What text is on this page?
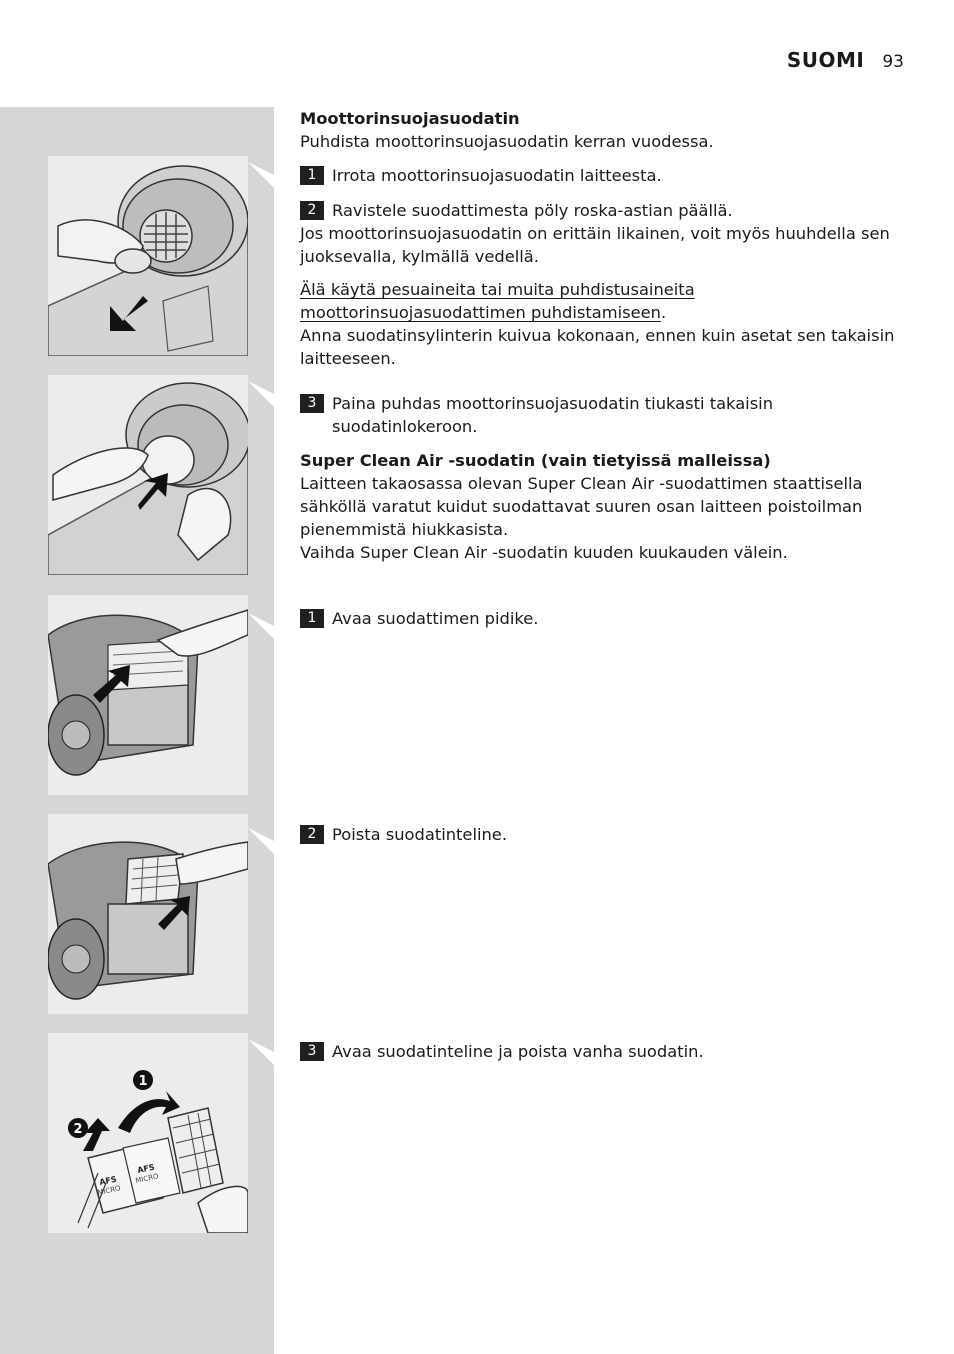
SUOMI 93
1
2
AFS
MICRO
AFS
MICRO

Moottorinsuojasuodatin

Puhdista moottorinsuojasuodatin kerran vuodessa.

1 Irrota moottorinsuojasuodatin laitteesta.
2 Ravistele suodattimesta pöly roska-astian päällä.

Jos moottorinsuojasuodatin on erittäin likainen, voit myös huuhdella sen juoksevalla, kylmällä vedellä.

Älä käytä pesuaineita tai muita puhdistusaineita

moottorinsuojasuodattimen puhdistamiseen.

Anna suodatinsylinterin kuivua kokonaan, ennen kuin asetat sen takaisin laitteeseen.

3 Paina puhdas moottorinsuojasuodatin tiukasti takaisin suodatinlokeroon.

Super Clean Air -suodatin (vain tietyissä malleissa)

Laitteen takaosassa olevan Super Clean Air -suodattimen staattisella sähköllä varatut kuidut suodattavat suuren osan laitteen poistoilman pienemmistä hiukkasista.

Vaihda Super Clean Air -suodatin kuuden kuukauden välein.

1 Avaa suodattimen pidike.
2 Poista suodatinteline.
3 Avaa suodatinteline ja poista vanha suodatin.
